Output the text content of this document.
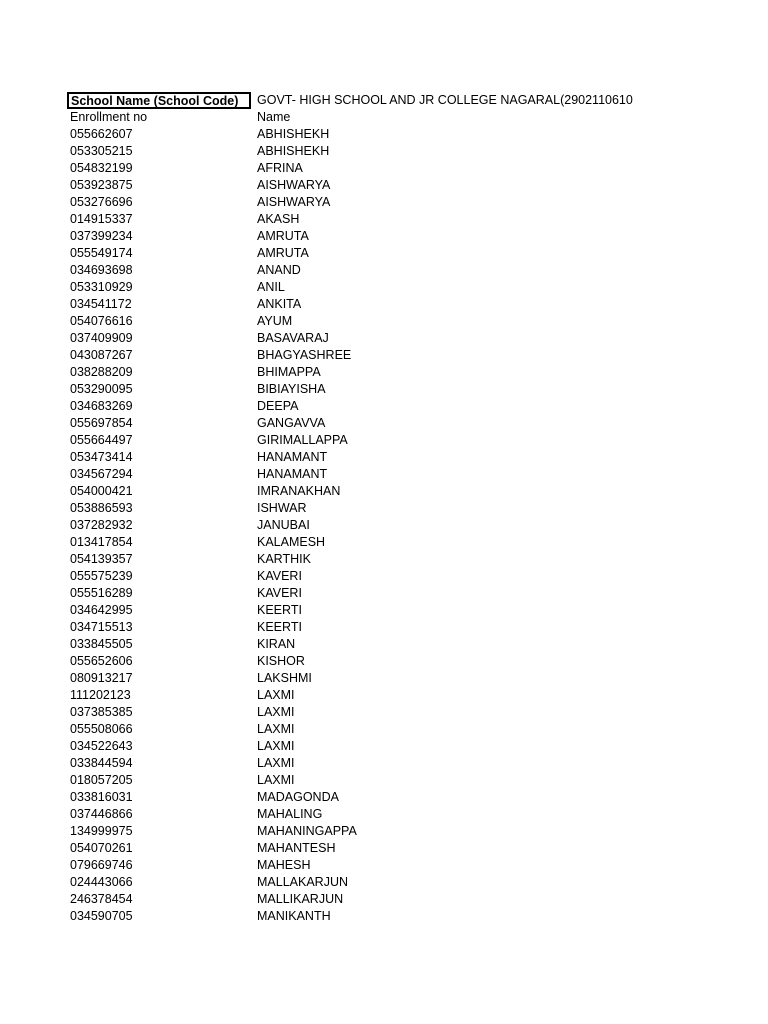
School Name (School Code)	GOVT- HIGH SCHOOL AND JR COLLEGE NAGARAL(2902110610
Enrollment no	Name
055662607	ABHISHEKH
053305215	ABHISHEKH
054832199	AFRINA
053923875	AISHWARYA
053276696	AISHWARYA
014915337	AKASH
037399234	AMRUTA
055549174	AMRUTA
034693698	ANAND
053310929	ANIL
034541172	ANKITA
054076616	AYUM
037409909	BASAVARAJ
043087267	BHAGYASHREE
038288209	BHIMAPPA
053290095	BIBIAYISHA
034683269	DEEPA
055697854	GANGAVVA
055664497	GIRIMALLAPPA
053473414	HANAMANT
034567294	HANAMANT
054000421	IMRANAKHAN
053886593	ISHWAR
037282932	JANUBAI
013417854	KALAMESH
054139357	KARTHIK
055575239	KAVERI
055516289	KAVERI
034642995	KEERTI
034715513	KEERTI
033845505	KIRAN
055652606	KISHOR
080913217	LAKSHMI
111202123	LAXMI
037385385	LAXMI
055508066	LAXMI
034522643	LAXMI
033844594	LAXMI
018057205	LAXMI
033816031	MADAGONDA
037446866	MAHALING
134999975	MAHANINGAPPA
054070261	MAHANTESH
079669746	MAHESH
024443066	MALLAKARJUN
246378454	MALLIKARJUN
034590705	MANIKANTH
